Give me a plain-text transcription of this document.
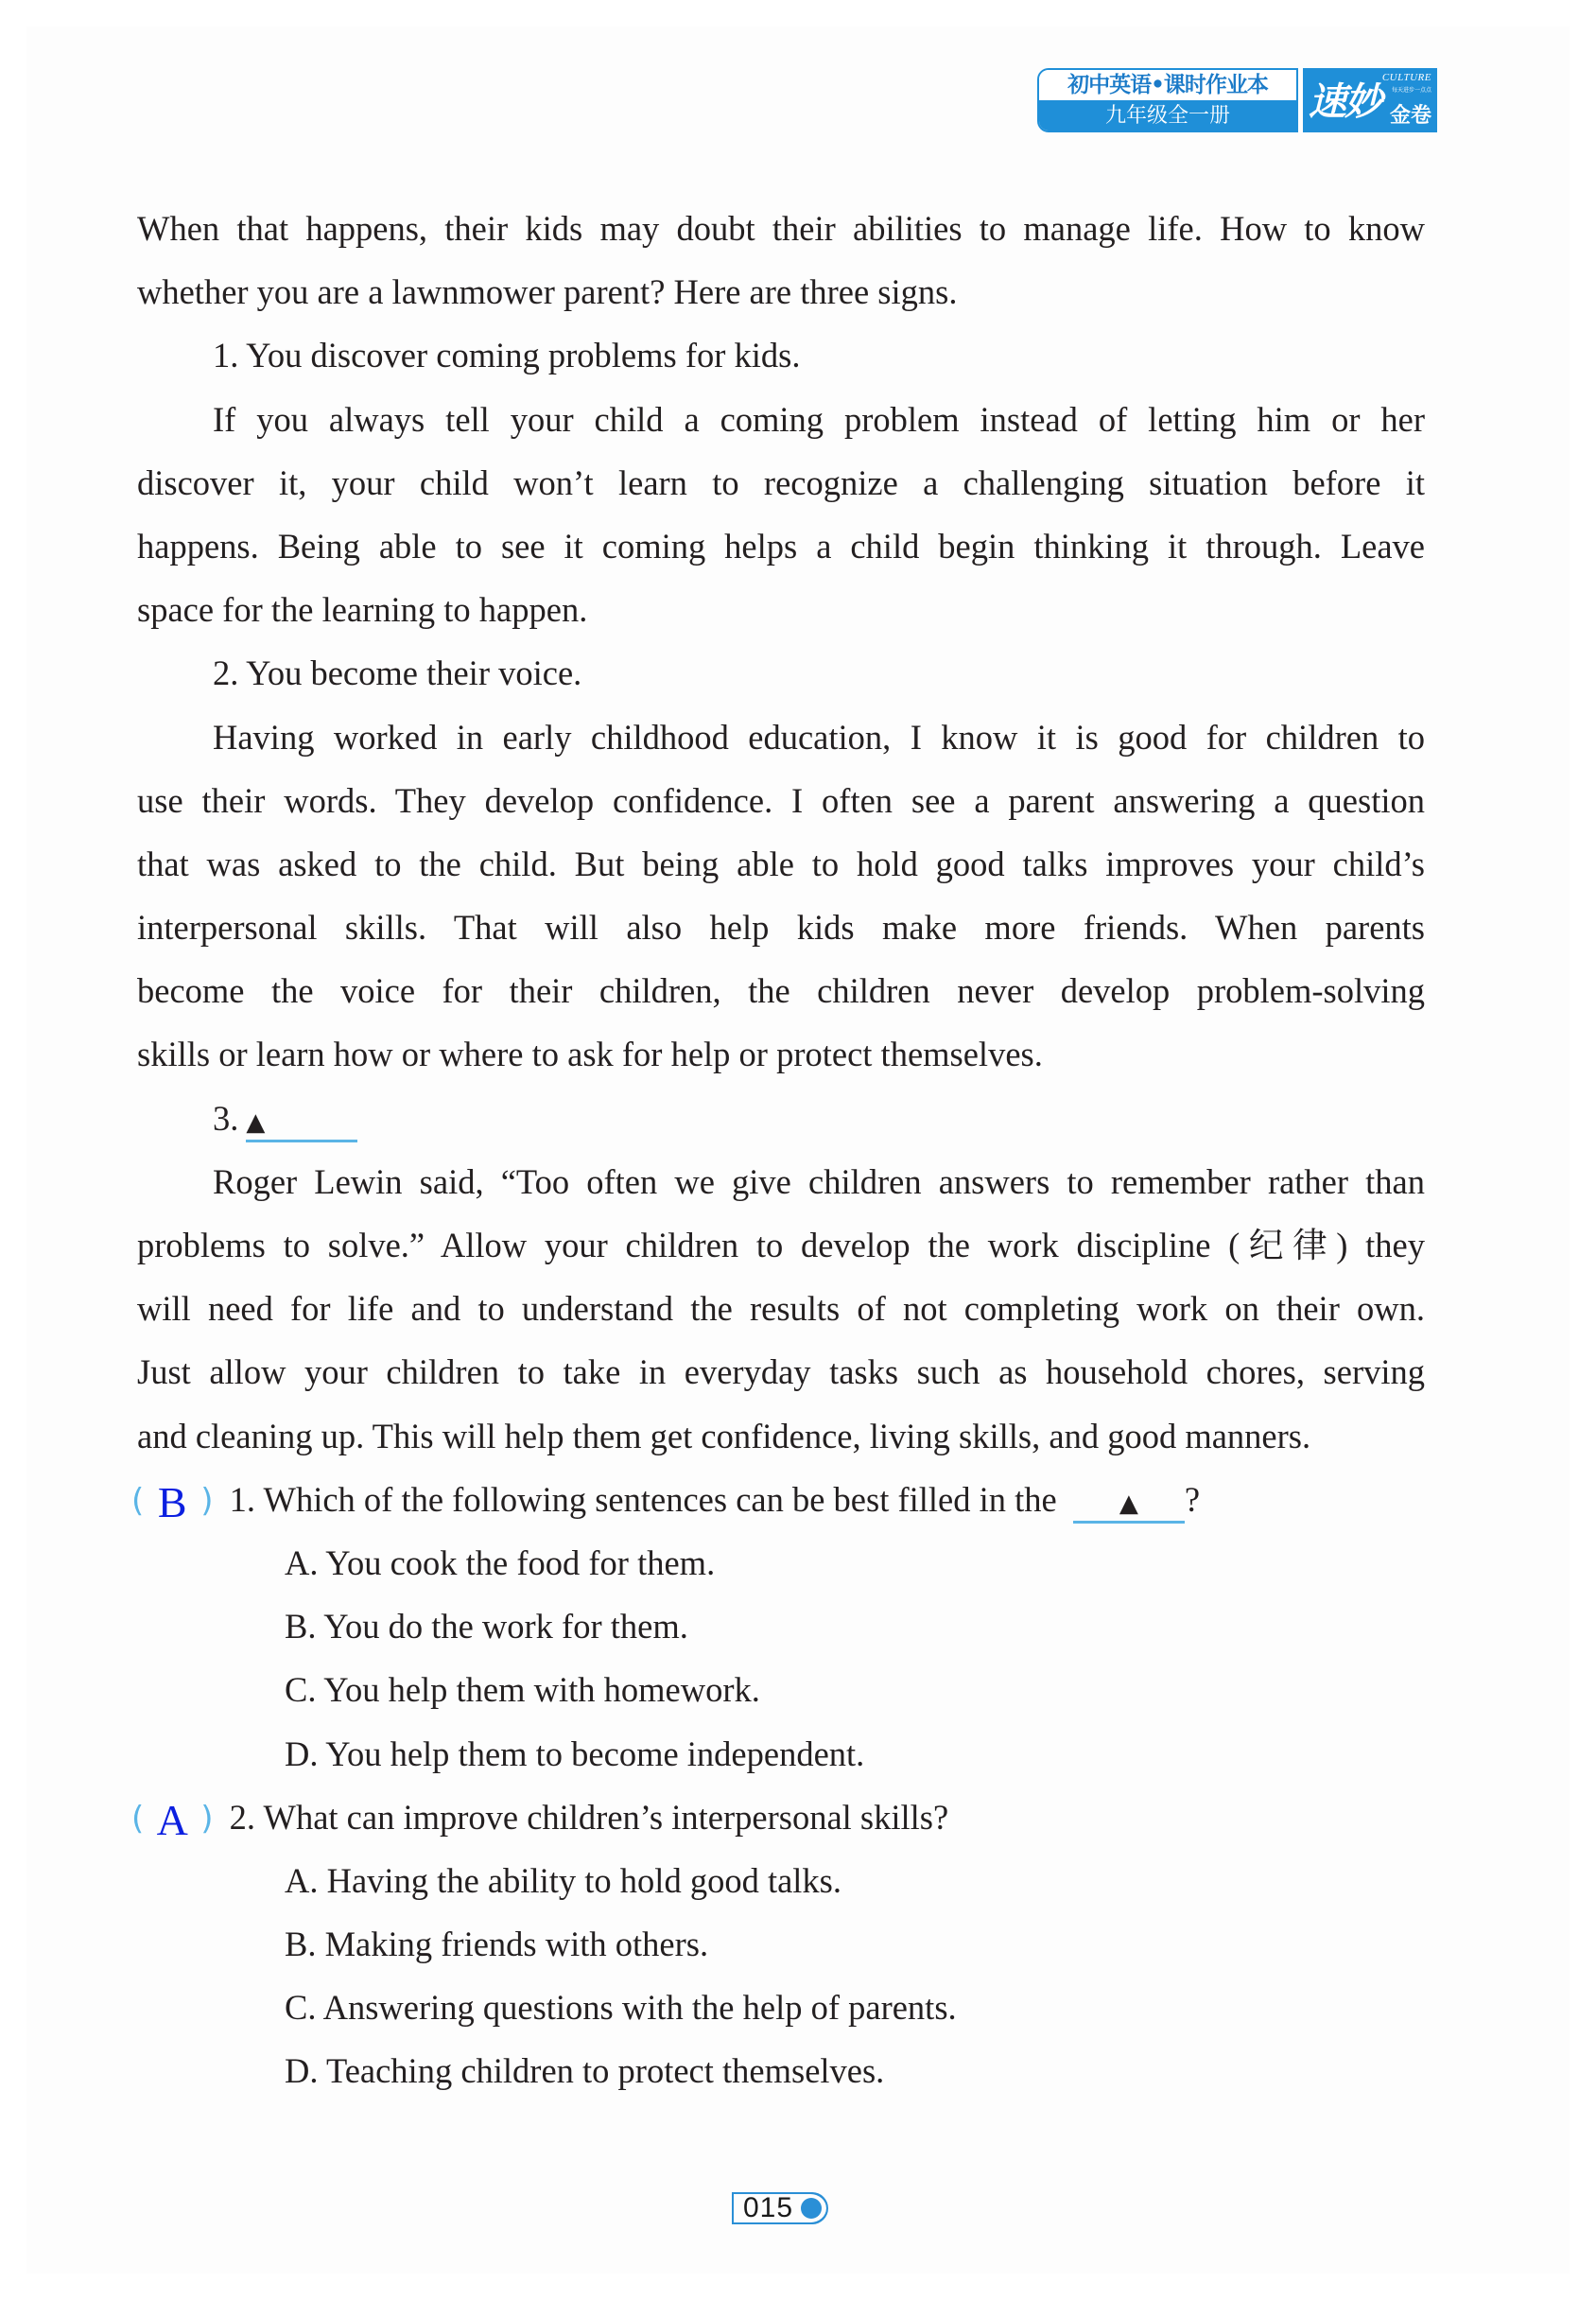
初中英语•课时作业本
九年级全一册	速妙
CULTURE
每天进步一点点
金卷
When that happens, their kids may doubt their abilities to manage life. How to know
whether you are a lawnmower parent? Here are three signs.
1. You discover coming problems for kids.
If you always tell your child a coming problem instead of letting him or her
discover it, your child won’t learn to recognize a challenging situation before it
happens. Being able to see it coming helps a child begin thinking it through. Leave
space for the learning to happen.
2. You become their voice.
Having worked in early childhood education, I know it is good for children to
use their words. They develop confidence. I often see a parent answering a question
that was asked to the child. But being able to hold good talks improves your child’s
interpersonal skills. That will also help kids make more friends. When parents
become the voice for their children, the children never develop problem-solving
skills or learn how or where to ask for help or protect themselves.
3. ▲
Roger Lewin said, “Too often we give children answers to remember rather than
problems to solve.” Allow your children to develop the work discipline (纪律) they
will need for life and to understand the results of not completing work on their own.
Just allow your children to take in everyday tasks such as household chores, serving
and cleaning up. This will help them get confidence, living skills, and good manners.
( B ) 1. Which of the following sentences can be best filled in the	▲ ?
A. You cook the food for them.
B. You do the work for them.
C. You help them with homework.
D. You help them to become independent.
( A ) 2. What can improve children’s interpersonal skills?
A. Having the ability to hold good talks.
B. Making friends with others.
C. Answering questions with the help of parents.
D. Teaching children to protect themselves.
015
